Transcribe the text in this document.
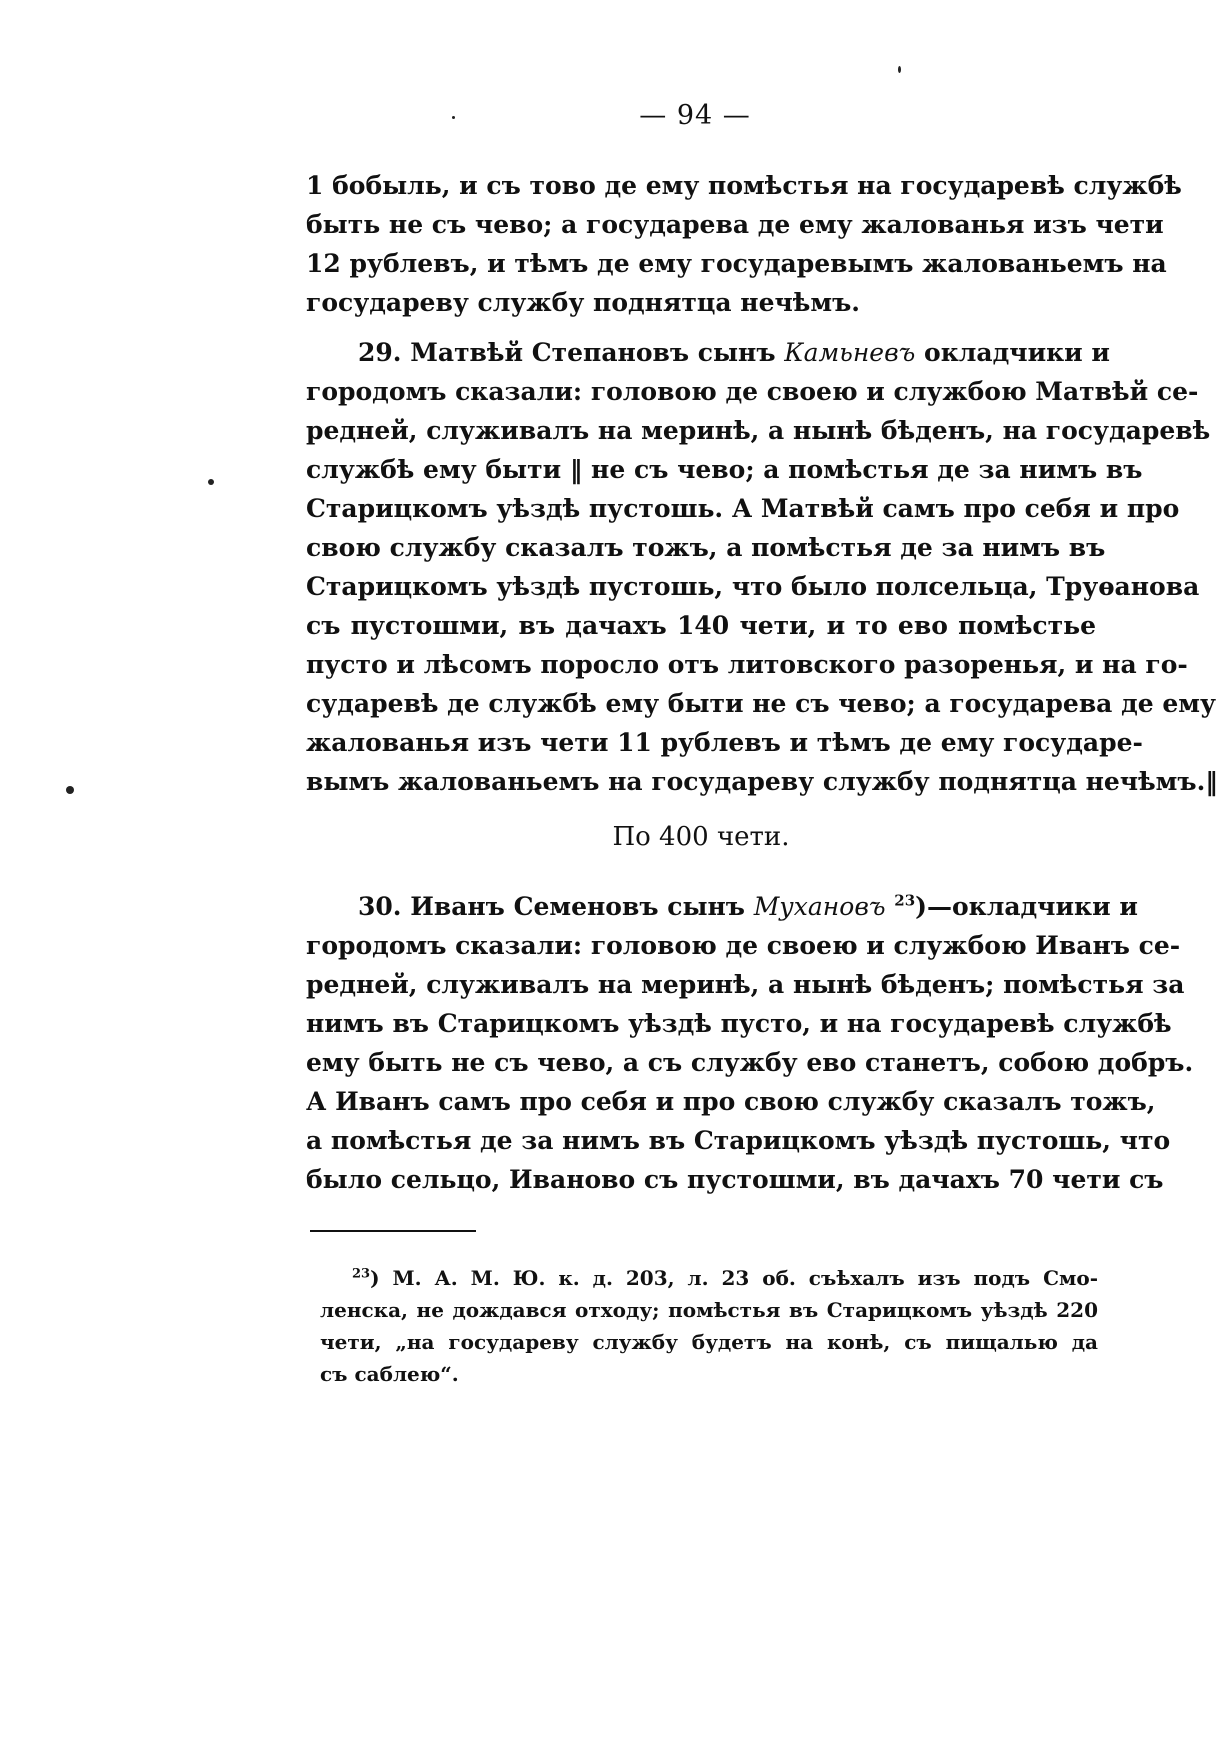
— 94 —
1 бобыль, и съ тово де ему помѣстья на государевѣ службѣ
быть не съ чево; а государева де ему жалованья изъ чети
12 рублевъ, и тѣмъ де ему государевымъ жалованьемъ на
государеву службу поднятца нечѣмъ.
29. Матвѣй Степановъ сынъ Камьневъ окладчики и
городомъ сказали: головою де своею и службою Матвѣй се-
редней, служивалъ на меринѣ, а нынѣ бѣденъ, на государевѣ
службѣ ему быти ‖ не съ чево; а помѣстья де за нимъ въ
Старицкомъ уѣздѣ пустошь. А Матвѣй самъ про себя и про
свою службу сказалъ тожъ, а помѣстья де за нимъ въ
Старицкомъ уѣздѣ пустошь, что было полсельца, Труѳанова
съ пустошми, въ дачахъ 140 чети, и то ево помѣстье
пусто и лѣсомъ поросло отъ литовского разоренья, и на го-
сударевѣ де службѣ ему быти не съ чево; а государева де ему
жалованья изъ чети 11 рублевъ и тѣмъ де ему государе-
вымъ жалованьемъ на государеву службу поднятца нечѣмъ.‖
По 400 чети.
30. Иванъ Семеновъ сынъ Мухановъ $^{23}$)—окладчики и
городомъ сказали: головою де своею и службою Иванъ се-
редней, служивалъ на меринѣ, а нынѣ бѣденъ; помѣстья за
нимъ въ Старицкомъ уѣздѣ пусто, и на государевѣ службѣ
ему быть не съ чево, а съ службу ево станетъ, собою добръ.
А Иванъ самъ про себя и про свою службу сказалъ тожъ,
а помѣстья де за нимъ въ Старицкомъ уѣздѣ пустошь, что
было сельцо, Ивановo съ пустошми, въ дачахъ 70 чети съ
$^{23}$) М. А. М. Ю. к. д. 203, л. 23 об. съѣхалъ изъ подъ Смо-
ленска, не дождався отходу; помѣстья въ Старицкомъ уѣздѣ 220
чети, „на государеву службу будетъ на конѣ, съ пищалью да
съ саблею“.
